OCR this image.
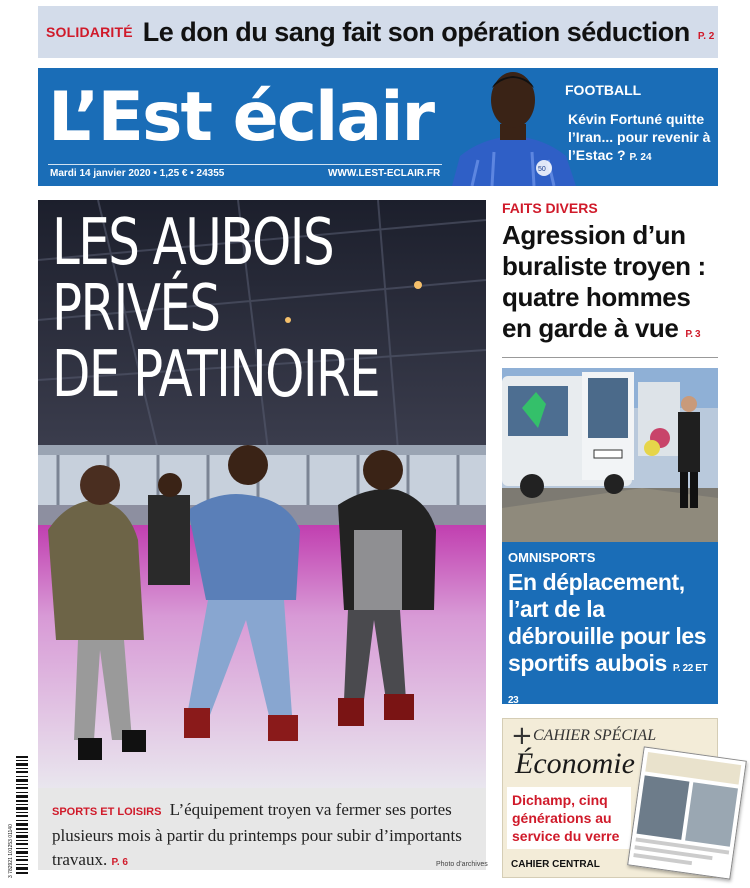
SOLIDARITÉ Le don du sang fait son opération séduction P. 2
L’Est éclair
Mardi 14 janvier 2020 • 1,25 € • 24355	WWW.LEST-ECLAIR.FR	50
FOOTBALL
Kévin Fortuné quitte l’Iran... pour revenir à l’Estac ? P. 24
LES AUBOIS
PRIVÉS
DE PATINOIRE
SPORTS ET LOISIRS L’équipement troyen va fermer ses portes plusieurs mois à partir du printemps pour subir d’importants travaux. P. 6	Photo d’archives
3 782921 101253 01140
FAITS DIVERS
Agression d’un buraliste troyen : quatre hommes en garde à vue P. 3
OMNISPORTS
En déplacement, l’art de la débrouille pour les sportifs aubois P. 22 ET 23
+ CAHIER SPÉCIAL
Économie
Dichamp, cinq générations au service du verre
CAHIER CENTRAL
